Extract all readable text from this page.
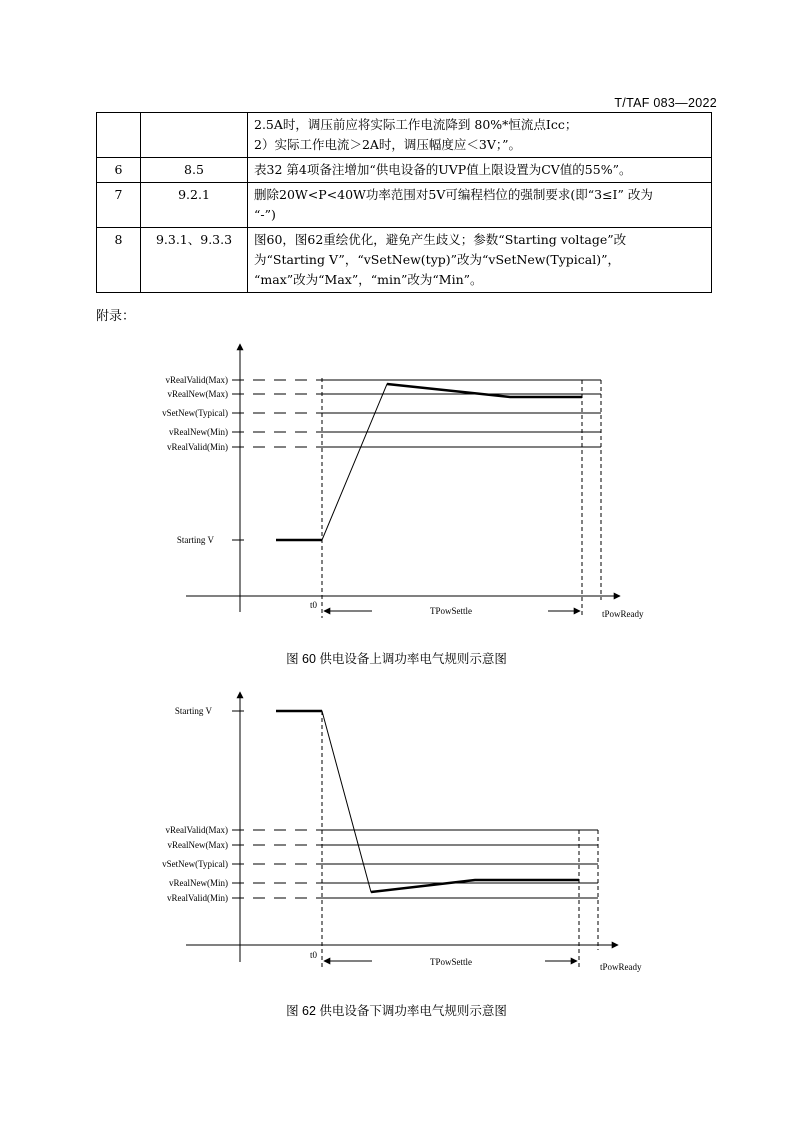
T/TAF 083—2022

		2.5A时，调压前应将实际工作电流降到 80%*恒流点Icc；
2）实际工作电流＞2A时，调压幅度应＜3V；”。

6	8.5	表32 第4项备注增加“供电设备的UVP值上限设置为CV值的55%”。

7	9.2.1	删除20W<P<40W功率范围对5V可编程档位的强制要求(即“3≤I” 改为
“-”)

8	9.3.1、9.3.3	图60，图62重绘优化，避免产生歧义；参数“Starting voltage”改
为“Starting V”，“vSetNew(typ)”改为“vSetNew(Typical)”，
“max”改为“Max”，“min”改为“Min”。
附录：
vRealValid(Max)
vRealNew(Max)
vSetNew(Typical)
vRealNew(Min)
vRealValid(Min)
Starting V
t0
TPowSettle	tPowReady
图 60 供电设备上调功率电气规则示意图
vRealValid(Max)
vRealNew(Max)
vSetNew(Typical)
vRealNew(Min)
vRealValid(Min)
Starting V
t0
TPowSettle	tPowReady
图 62 供电设备下调功率电气规则示意图
